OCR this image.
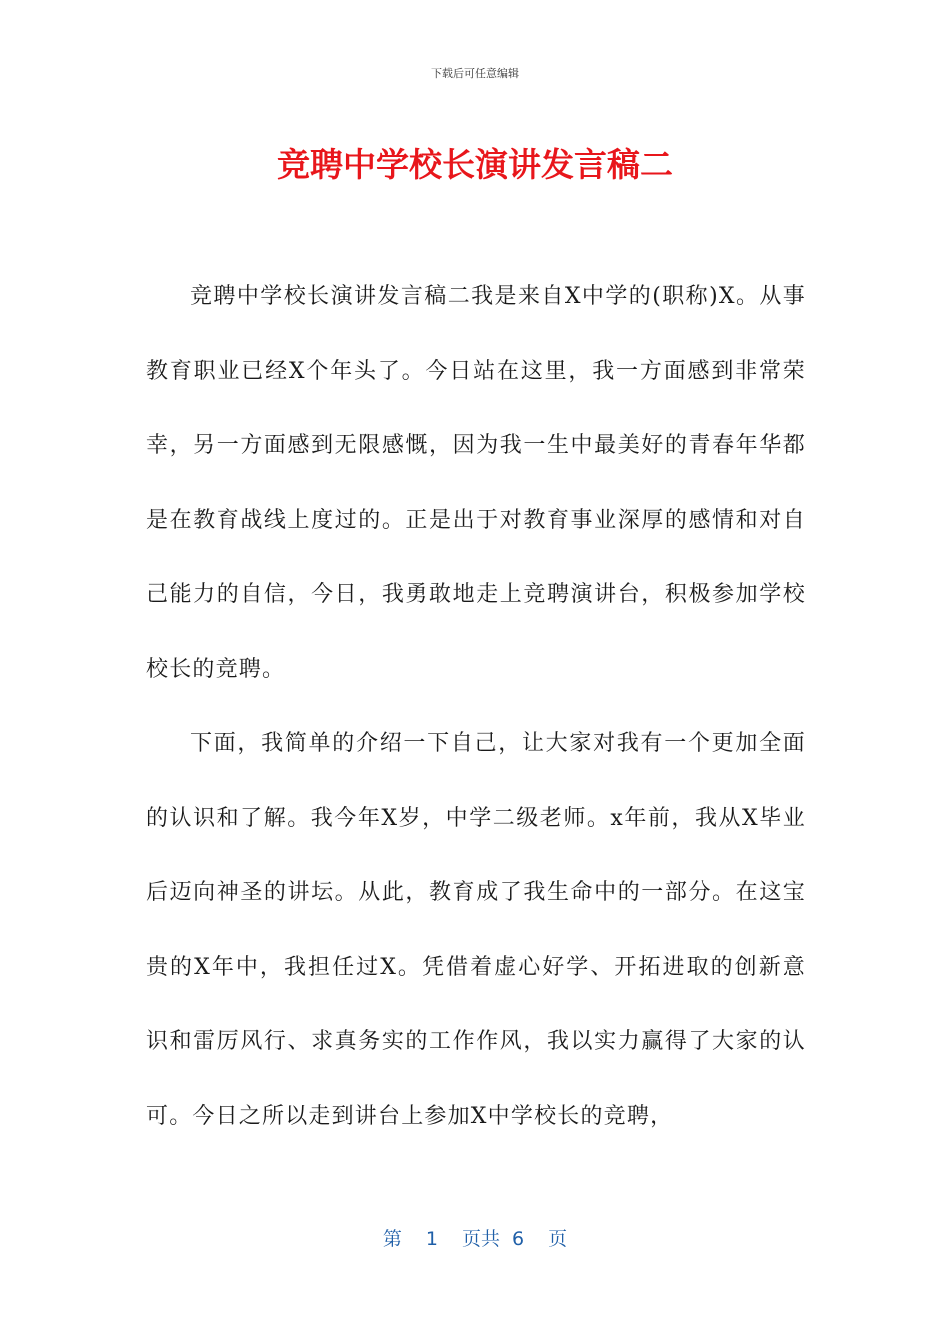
下载后可任意编辑
竞聘中学校长演讲发言稿二

竞聘中学校长演讲发言稿二我是来自X中学的(职称)X。从事教育职业已经X个年头了。今日站在这里，我一方面感到非常荣幸，另一方面感到无限感慨，因为我一生中最美好的青春年华都是在教育战线上度过的。正是出于对教育事业深厚的感情和对自己能力的自信，今日，我勇敢地走上竞聘演讲台，积极参加学校校长的竞聘。

下面，我简单的介绍一下自己，让大家对我有一个更加全面的认识和了解。我今年X岁，中学二级老师。x年前，我从X毕业后迈向神圣的讲坛。从此，教育成了我生命中的一部分。在这宝贵的X年中，我担任过X。凭借着虚心好学、开拓进取的创新意识和雷厉风行、求真务实的工作作风，我以实力赢得了大家的认可。今日之所以走到讲台上参加X中学校长的竞聘，

第 1 页共 6 页
